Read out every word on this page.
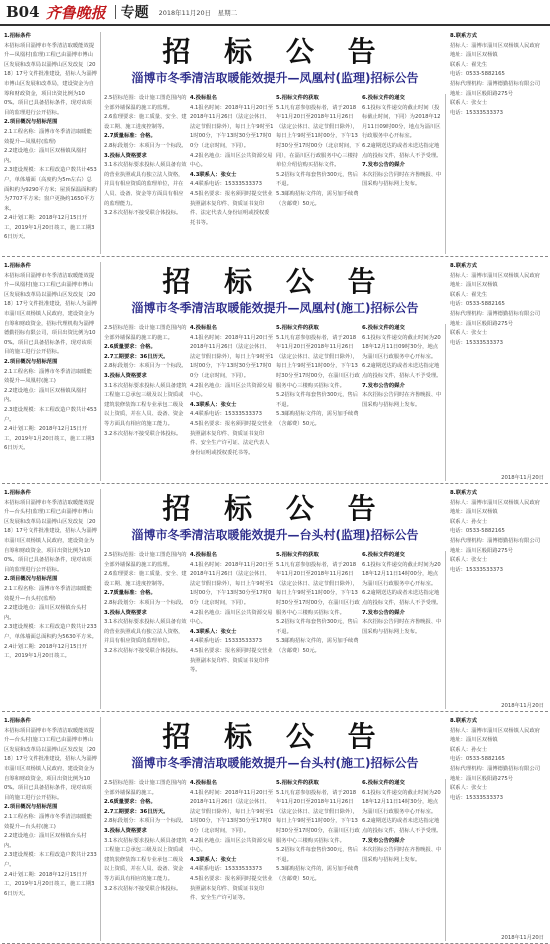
B04 齐鲁晚报 专题 2018年11月20日　星期二
招 标 公 告
淄博市冬季清洁取暖能效提升—凤凰村(监理)招标公告

1.招标条件

本招标项目淄博市冬季清洁取暖能效提升—凤凰村(监理)工程已由淄博市博山区发展和改革局以淄博山区发改复〔2018〕17号文件批准建设，招标人为淄博市博山区发展和改革局，建设资金为自筹和财政资金，项目出资比例为100%。项目已具备招标条件，现对该项目的监理进行公开招标。

2.项目概况与招标范围

2.1工程名称：淄博市冬季清洁取暖能效提升—凤凰村(监理)

2.2建设地点：淄川区双杨镇凤凰村内。

2.3建设规模：本工程改造户数共计453户，单体墙面（高度约为5m左右）总面积约为9290平方米；屋顶保温面积约为7707平方米；窗户更换约1650平方米。

2.4计划工期：2018年12月15日开工，2019年1月20日竣工，施工工期36日历天。

2.5招标范围：设计施工图范围内的全部外墙保温的施工的监理。

2.6监理要求：施工质量、安全、建设工期、施工进度控制等。

2.7质量标准：合格。

2.8标段划分：本项目为一个标段。

3.投标人资格要求

3.1本次招标要求投标人须具备有效的营业执照或具有独立法人资格，并具有相应资质的监理单位，并在人员、设备、资金等方面具有相应的监理能力。

3.2本次招标不接受联合体投标。

4.投标报名

4.1报名时间：2018年11月20日至2018年11月26日（法定公休日、法定节假日除外），每日上午9时至11时00分，下午13时30分至17时00分（北京时间，下同）。

4.2报名地点：淄川区公共资源交易中心。

4.3联系人：张女士

4.4联系电话：15333533373

4.5报名要求：报名须同时提交营业执照副本复印件、资质证书复印件、法定代表人身份证明或授权委托书等。

5.招标文件的获取

5.1凡有意参加投标者，请于2018年11月20日至2018年11月26日（法定公休日、法定节假日除外），每日上午9时至11时00分，下午13时30分至17时00分（北京时间，下同），在淄川区行政服务中心三楼持单位介绍信购买招标文件。

5.2招标文件每套售价300元，售后不退。

5.3邮购招标文件的，需另加手续费（含邮费）50元。

6.投标文件的递交

6.1投标文件递交的截止时间（投标截止时间，下同）为2018年12月11日09时00分，地点为淄川区行政服务中心开标室。

6.2逾期送达的或者未送达指定地点的投标文件，招标人不予受理。

7.发布公告的媒介

本次招标公告同时在齐鲁晚报、中国采购与招标网上发布。

8.联系方式

招标人：淄博市淄川区双杨镇人民政府

地址：淄川区双杨镇

联系人：翟先生

电话：0533-5882165

招标代理机构：淄博德勤招标有限公司

地址：淄川区般阳路275号

联系人：张女士

电话：15333533373

招 标 公 告
淄博市冬季清洁取暖能效提升—凤凰村(施工)招标公告

1.招标条件

本招标项目淄博市冬季清洁取暖能效提升—凤凰村(施工)工程已由淄博市博山区发展和改革局以淄博山区发改复〔2018〕17号文件批准建设，招标人为淄博市淄川区双杨镇人民政府，建设资金为自筹和财政资金，招标代理机构为淄博德勤招标有限公司，项目出资比例为100%。项目已具备招标条件，现对该项目的施工进行公开招标。

2.项目概况与招标范围

2.1工程名称：淄博市冬季清洁取暖能效提升—凤凰村(施工)

2.2建设地点：淄川区双杨镇凤凰村内。

2.3建设规模：本工程改造户数共计453户。

2.4计划工期：2018年12月15日开工，2019年1月20日竣工，施工工期36日历天。

2.5招标范围：设计施工图范围内的全部外墙保温的施工的施工。

2.6质量要求：合格。

2.7工期要求：36日历天。

2.8标段划分：本项目为一个标段。

3.投标人资格要求

3.1本次招标要求投标人须具备建筑工程施工总承包三级及以上资质或建筑装修装饰工程专业承包二级及以上资质，并在人员、设备、资金等方面具有相应的施工能力。

3.2本次招标不接受联合体投标。

4.投标报名

4.1报名时间：2018年11月20日至2018年11月26日（法定公休日、法定节假日除外），每日上午9时至11时00分，下午13时30分至17时00分（北京时间，下同）。

4.2报名地点：淄川区公共资源交易中心。

4.3联系人：张女士

4.4联系电话：15333533373

4.5报名要求：报名须同时提交营业执照副本复印件、资质证书复印件、安全生产许可证、法定代表人身份证明或授权委托书等。

5.招标文件的获取

5.1凡有意参加投标者，请于2018年11月20日至2018年11月26日（法定公休日、法定节假日除外），每日上午9时至11时00分，下午13时30分至17时00分，在淄川区行政服务中心三楼购买招标文件。

5.2招标文件每套售价300元，售后不退。

5.3邮购招标文件的，需另加手续费（含邮费）50元。

6.投标文件的递交

6.1投标文件递交的截止时间为2018年12月11日09时30分，地点为淄川区行政服务中心开标室。

6.2逾期送达的或者未送达指定地点的投标文件，招标人不予受理。

7.发布公告的媒介

本次招标公告同时在齐鲁晚报、中国采购与招标网上发布。

8.联系方式

招标人：淄博市淄川区双杨镇人民政府

地址：淄川区双杨镇

联系人：翟先生

电话：0533-5882165

招标代理机构：淄博德勤招标有限公司

地址：淄川区般阳路275号

联系人：张女士

电话：15333533373

2018年11月20日
招 标 公 告
淄博市冬季清洁取暖能效提升—台头村(监理)招标公告

1.招标条件

本招标项目淄博市冬季清洁取暖能效提升—台头村(监理)工程已由淄博市博山区发展和改革局以淄博山区发改复〔2018〕17号文件批准建设，招标人为淄博市淄川区双杨镇人民政府，建设资金为自筹和财政资金，项目出资比例为100%。项目已具备招标条件，现对该项目的监理进行公开招标。

2.项目概况与招标范围

2.1工程名称：淄博市冬季清洁取暖能效提升—台头村(监理)

2.2建设地点：淄川区双杨镇台头村内。

2.3建设规模：本工程改造户数共计233户，单体墙面总面积约为5630平方米。

2.4计划工期：2018年12月15日开工，2019年1月20日竣工。

2.5招标范围：设计施工图范围内的全部外墙保温的施工的监理。

2.6监理要求：施工质量、安全、建设工期、施工进度控制等。

2.7质量标准：合格。

2.8标段划分：本项目为一个标段。

3.投标人资格要求

3.1本次招标要求投标人须具备有效的营业执照或具有独立法人资格，并具有相应资质的监理单位。

3.2本次招标不接受联合体投标。

4.投标报名

4.1报名时间：2018年11月20日至2018年11月26日（法定公休日、法定节假日除外），每日上午9时至11时00分，下午13时30分至17时00分（北京时间，下同）。

4.2报名地点：淄川区公共资源交易中心。

4.3联系人：张女士

4.4联系电话：15333533373

4.5报名要求：报名须同时提交营业执照副本复印件、资质证书复印件等。

5.招标文件的获取

5.1凡有意参加投标者，请于2018年11月20日至2018年11月26日（法定公休日、法定节假日除外），每日上午9时至11时00分，下午13时30分至17时00分，在淄川区行政服务中心三楼购买招标文件。

5.2招标文件每套售价300元，售后不退。

5.3邮购招标文件的，需另加手续费（含邮费）50元。

6.投标文件的递交

6.1投标文件递交的截止时间为2018年12月11日14时00分，地点为淄川区行政服务中心开标室。

6.2逾期送达的或者未送达指定地点的投标文件，招标人不予受理。

7.发布公告的媒介

本次招标公告同时在齐鲁晚报、中国采购与招标网上发布。

8.联系方式

招标人：淄博市淄川区双杨镇人民政府

地址：淄川区双杨镇

联系人：孙女士

电话：0533-5882165

招标代理机构：淄博德勤招标有限公司

地址：淄川区般阳路275号

联系人：张女士

电话：15333533373

2018年11月20日
招 标 公 告
淄博市冬季清洁取暖能效提升—台头村(施工)招标公告

1.招标条件

本招标项目淄博市冬季清洁取暖能效提升—台头村(施工)工程已由淄博市博山区发展和改革局以淄博山区发改复〔2018〕17号文件批准建设，招标人为淄博市淄川区双杨镇人民政府，建设资金为自筹和财政资金，项目出资比例为100%。项目已具备招标条件，现对该项目的施工进行公开招标。

2.项目概况与招标范围

2.1工程名称：淄博市冬季清洁取暖能效提升—台头村(施工)

2.2建设地点：淄川区双杨镇台头村内。

2.3建设规模：本工程改造户数共计233户。

2.4计划工期：2018年12月15日开工，2019年1月20日竣工，施工工期36日历天。

2.5招标范围：设计施工图范围内的全部外墙保温的施工。

2.6质量要求：合格。

2.7工期要求：36日历天。

2.8标段划分：本项目为一个标段。

3.投标人资格要求

3.1本次招标要求投标人须具备建筑工程施工总承包三级及以上资质或建筑装修装饰工程专业承包二级及以上资质，并在人员、设备、资金等方面具有相应的施工能力。

3.2本次招标不接受联合体投标。

4.投标报名

4.1报名时间：2018年11月20日至2018年11月26日（法定公休日、法定节假日除外），每日上午9时至11时00分，下午13时30分至17时00分（北京时间，下同）。

4.2报名地点：淄川区公共资源交易中心。

4.3联系人：张女士

4.4联系电话：15333533373

4.5报名要求：报名须同时提交营业执照副本复印件、资质证书复印件、安全生产许可证等。

5.招标文件的获取

5.1凡有意参加投标者，请于2018年11月20日至2018年11月26日（法定公休日、法定节假日除外），每日上午9时至11时00分，下午13时30分至17时00分，在淄川区行政服务中心三楼购买招标文件。

5.2招标文件每套售价300元，售后不退。

5.3邮购招标文件的，需另加手续费（含邮费）50元。

6.投标文件的递交

6.1投标文件递交的截止时间为2018年12月11日14时30分，地点为淄川区行政服务中心开标室。

6.2逾期送达的或者未送达指定地点的投标文件，招标人不予受理。

7.发布公告的媒介

本次招标公告同时在齐鲁晚报、中国采购与招标网上发布。

8.联系方式

招标人：淄博市淄川区双杨镇人民政府

地址：淄川区双杨镇

联系人：孙女士

电话：0533-5882165

招标代理机构：淄博德勤招标有限公司

地址：淄川区般阳路275号

联系人：张女士

电话：15333533373

2018年11月20日
